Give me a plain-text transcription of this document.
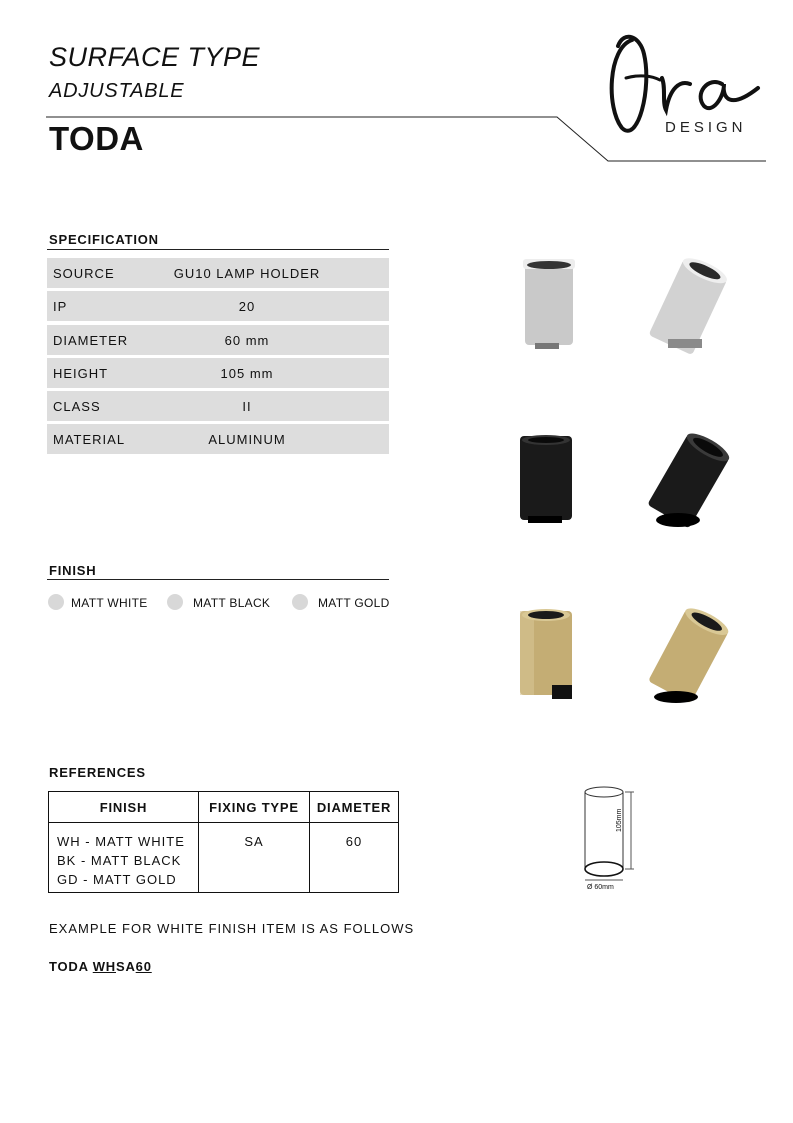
SURFACE TYPE
ADJUSTABLE
TODA	DESIGN
SPECIFICATION
SOURCE	GU10 LAMP HOLDER
IP	20
DIAMETER	60 mm
HEIGHT	105 mm
CLASS	II
MATERIAL	ALUMINUM
FINISH
MATT WHITE	MATT BLACK	MATT GOLD
REFERENCES
FINISH	FIXING TYPE	DIAMETER

WH - MATT WHITE
BK - MATT BLACK
GD - MATT GOLD	SA	60
105mm
Ø 60mm
EXAMPLE FOR WHITE FINISH ITEM IS AS FOLLOWS
TODA WHSA60
